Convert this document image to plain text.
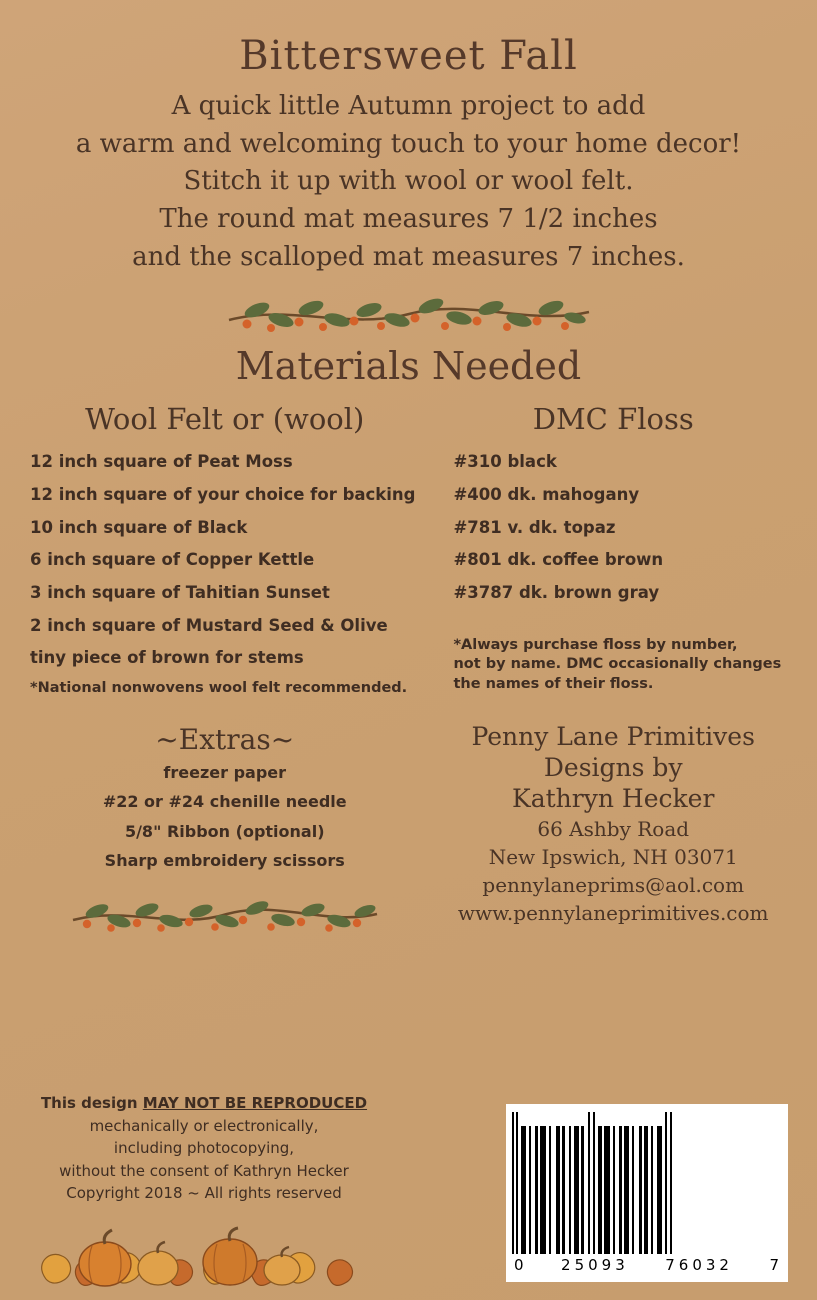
Bittersweet Fall
A quick little Autumn project to add
a warm and welcoming touch to your home decor!
Stitch it up with wool or wool felt.
The round mat measures 7 1/2 inches
and the scalloped mat measures 7 inches.
Materials Needed
Wool Felt or (wool)
12 inch square of Peat Moss
12 inch square of your choice for backing
10 inch square of Black
6 inch square of Copper Kettle
3 inch square of Tahitian Sunset
2 inch square of Mustard Seed & Olive
tiny piece of brown for stems
*National nonwovens wool felt recommended.
DMC Floss
#310 black
#400 dk. mahogany
#781 v. dk. topaz
#801 dk. coffee brown
#3787 dk. brown gray
*Always purchase floss by number,
not by name. DMC occasionally changes
the names of their floss.
~Extras~
freezer paper
#22 or #24 chenille needle
5/8" Ribbon (optional)
Sharp embroidery scissors
Penny Lane Primitives
Designs by
Kathryn Hecker
66 Ashby Road
New Ipswich, NH 03071
pennylaneprims@aol.com
www.pennylaneprimitives.com
This design MAY NOT BE REPRODUCED
mechanically or electronically,
including photocopying,
without the consent of Kathryn Hecker
Copyright 2018 ~ All rights reserved
0 25093 76032 7
